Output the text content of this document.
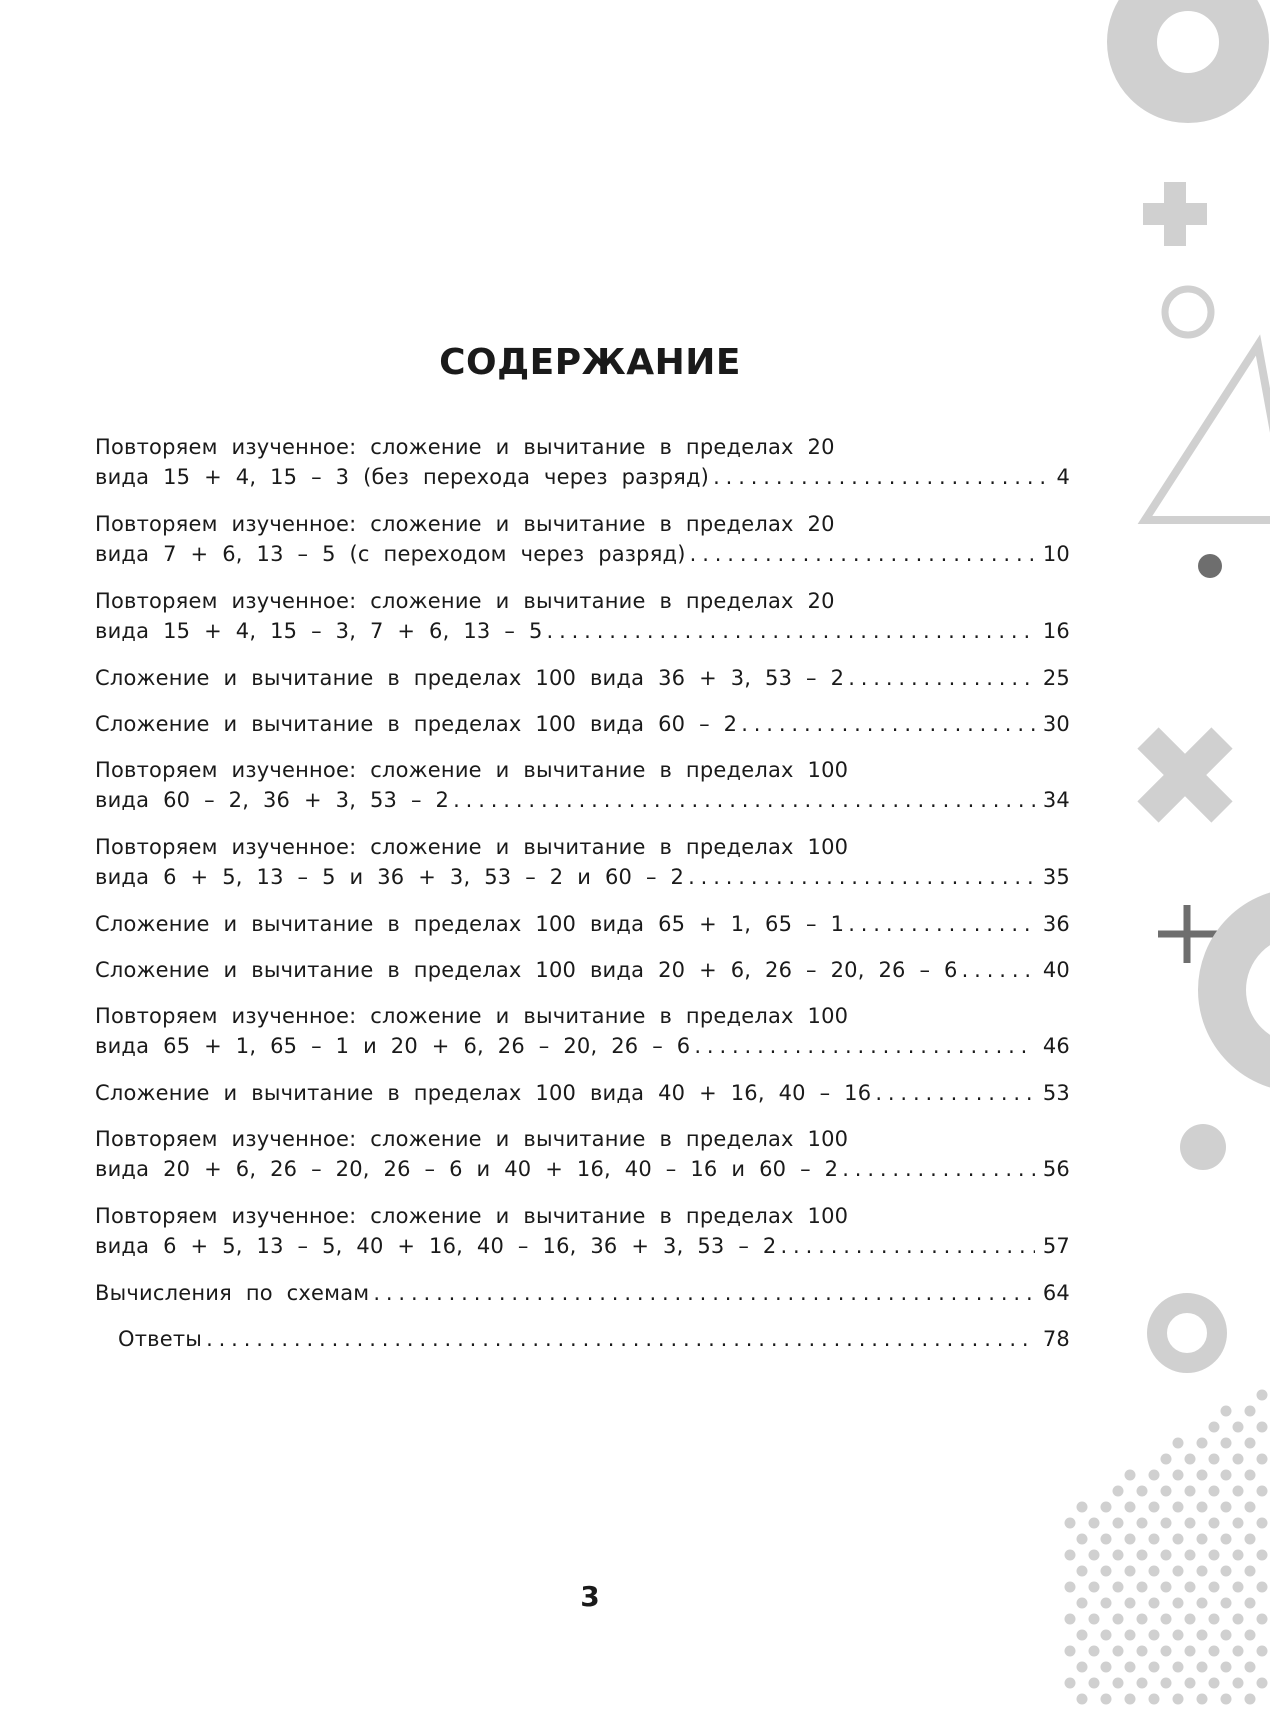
СОДЕРЖАНИЕ
Повторяем изученное: сложение и вычитание в пределах 20
вида 15 + 4, 15 – 3 (без перехода через разряд) . . .	4
Повторяем изученное: сложение и вычитание в пределах 20
вида 7 + 6, 13 – 5 (с переходом через разряд) . . .	10
Повторяем изученное: сложение и вычитание в пределах 20
вида 15 + 4, 15 – 3, 7 + 6, 13 – 5 . . .	16
Сложение и вычитание в пределах 100 вида 36 + 3, 53 – 2 . . .	25
Сложение и вычитание в пределах 100 вида 60 – 2 . . .	30
Повторяем изученное: сложение и вычитание в пределах 100
вида 60 – 2, 36 + 3, 53 – 2 . . .	34
Повторяем изученное: сложение и вычитание в пределах 100
вида 6 + 5, 13 – 5 и 36 + 3, 53 – 2 и 60 – 2 . . .	35
Сложение и вычитание в пределах 100 вида 65 + 1, 65 – 1 . . .	36
Сложение и вычитание в пределах 100 вида 20 + 6, 26 – 20, 26 – 6 . . .	40
Повторяем изученное: сложение и вычитание в пределах 100
вида 65 + 1, 65 – 1 и 20 + 6, 26 – 20, 26 – 6 . . .	46
Сложение и вычитание в пределах 100 вида 40 + 16, 40 – 16 . . .	53
Повторяем изученное: сложение и вычитание в пределах 100
вида 20 + 6, 26 – 20, 26 – 6 и 40 + 16, 40 – 16 и 60 – 2 . . .	56
Повторяем изученное: сложение и вычитание в пределах 100
вида 6 + 5, 13 – 5, 40 + 16, 40 – 16, 36 + 3, 53 – 2 . . .	57
Вычисления по схемам . . .	64
Ответы . . .	78
3
